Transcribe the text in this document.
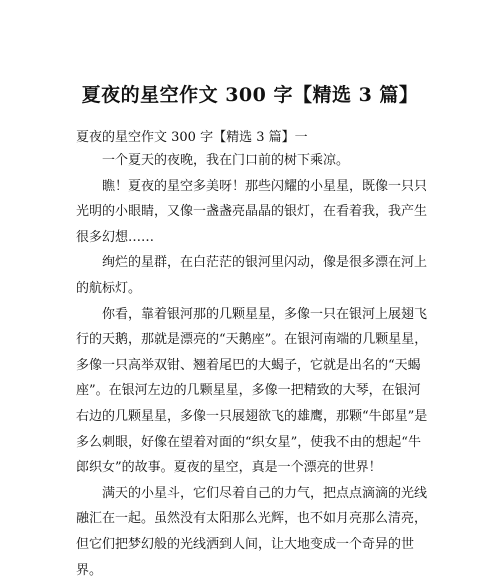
夏夜的星空作文 300 字【精选 3 篇】
夏夜的星空作文 300 字【精选 3 篇】一

一个夏天的夜晚，我在门口前的树下乘凉。

瞧！夏夜的星空多美呀！那些闪耀的小星星，既像一只只光明的小眼睛，又像一盏盏亮晶晶的银灯，在看着我，我产生很多幻想……

绚烂的星群，在白茫茫的银河里闪动，像是很多漂在河上的航标灯。

你看，靠着银河那的几颗星星，多像一只在银河上展翅飞行的天鹅，那就是漂亮的“天鹅座”。在银河南端的几颗星星，多像一只高举双钳、翘着尾巴的大蝎子，它就是出名的“天蝎座”。在银河左边的几颗星星，多像一把精致的大琴，在银河右边的几颗星星，多像一只展翅欲飞的雄鹰，那颗“牛郎星”是多么刺眼，好像在望着对面的“织女星”，使我不由的想起“牛郎织女”的故事。夏夜的星空，真是一个漂亮的世界！

满天的小星斗，它们尽着自己的力气，把点点滴滴的光线融汇在一起。虽然没有太阳那么光辉，也不如月亮那么清亮，但它们把梦幻般的光线洒到人间，让大地变成一个奇异的世界。
